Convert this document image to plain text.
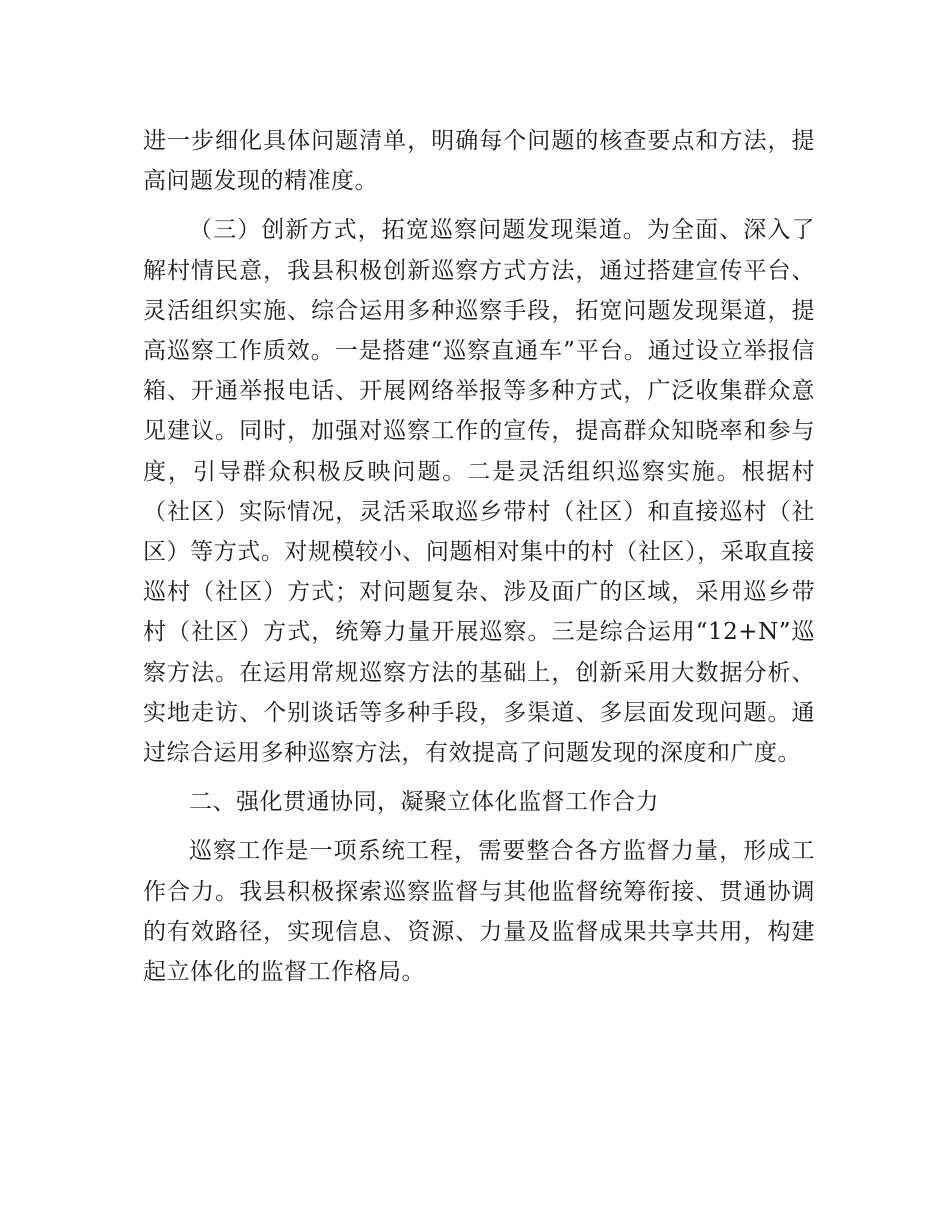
进一步细化具体问题清单，明确每个问题的核查要点和方法，提高问题发现的精准度。

（三）创新方式，拓宽巡察问题发现渠道。为全面、深入了解村情民意，我县积极创新巡察方式方法，通过搭建宣传平台、灵活组织实施、综合运用多种巡察手段，拓宽问题发现渠道，提高巡察工作质效。一是搭建“巡察直通车”平台。通过设立举报信箱、开通举报电话、开展网络举报等多种方式，广泛收集群众意见建议。同时，加强对巡察工作的宣传，提高群众知晓率和参与度，引导群众积极反映问题。二是灵活组织巡察实施。根据村（社区）实际情况，灵活采取巡乡带村（社区）和直接巡村（社区）等方式。对规模较小、问题相对集中的村（社区），采取直接巡村（社区）方式；对问题复杂、涉及面广的区域，采用巡乡带村（社区）方式，统筹力量开展巡察。三是综合运用“12+N”巡察方法。在运用常规巡察方法的基础上，创新采用大数据分析、实地走访、个别谈话等多种手段，多渠道、多层面发现问题。通过综合运用多种巡察方法，有效提高了问题发现的深度和广度。

二、强化贯通协同，凝聚立体化监督工作合力

巡察工作是一项系统工程，需要整合各方监督力量，形成工作合力。我县积极探索巡察监督与其他监督统筹衔接、贯通协调的有效路径，实现信息、资源、力量及监督成果共享共用，构建起立体化的监督工作格局。
